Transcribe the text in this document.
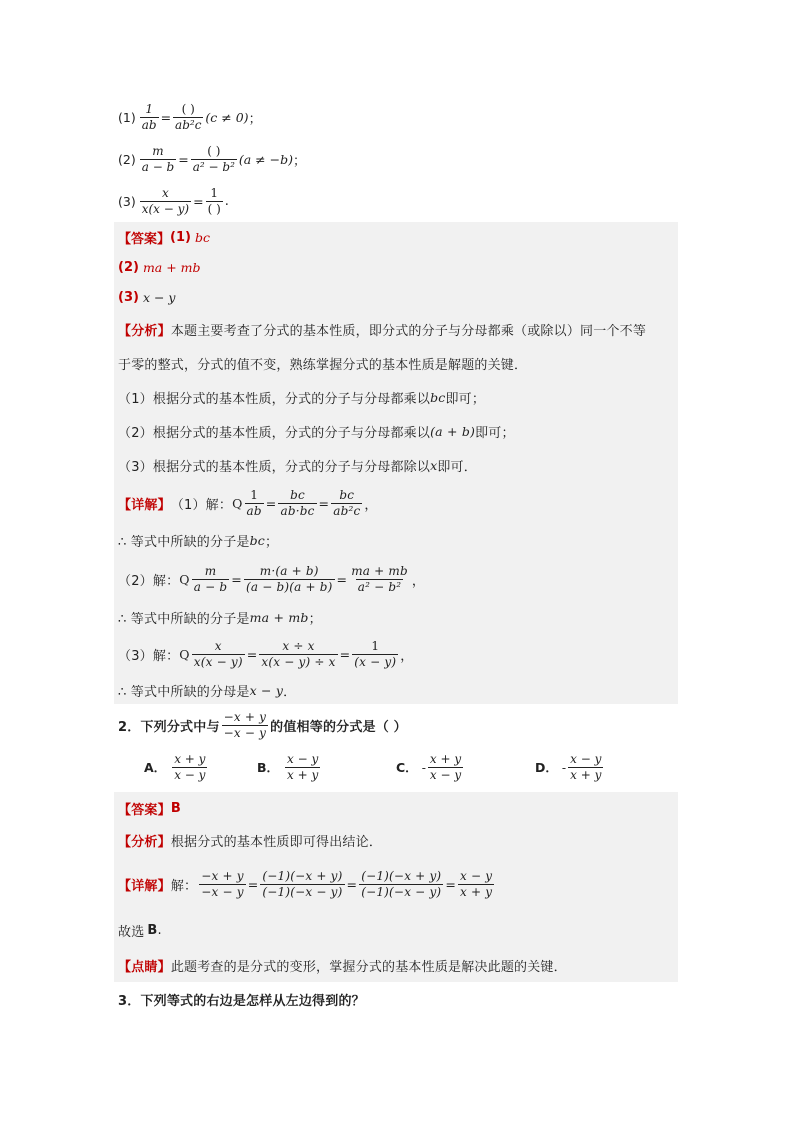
$(1) \frac{1}{ab} = \frac{( )}{\text{ab²c}} (c \ne 0)$ ；
$(2) \frac{m}{a - b} = \frac{( )}{\text{a² − b²}} (a \ne -b)$ ；
$(3) \frac{x}{x(x - y)} = \frac{1}{( )}$ .
【答案】 (1) bc
(2) ma + mb
(3) x − y
【分析】 本题主要考查了分式的基本性质，即分式的分子与分母都乘（或除以）同一个不等
于零的整式，分式的值不变，熟练掌握分式的基本性质是解题的关键．
（1）根据分式的基本性质，分式的分子与分母都乘以 bc 即可；
（2）根据分式的基本性质，分式的分子与分母都乘以 (a + b) 即可；
（3）根据分式的基本性质，分式的分子与分母都除以 x 即可．
【详解】 （1）解： Q $\frac{1}{ab} = \frac{bc}{ab\cdot bc} = \frac{bc}{\text{ab²c}}$ ，
∴ 等式中所缺的分子是 bc ；
（2）解： Q $\frac{m}{a - b} = \frac{m\cdot(a + b)}{(a - b)(a + b)} = \frac{ma + mb}{\text{a² − b²}}$ ，
∴ 等式中所缺的分子是 ma + mb ；
（3）解： Q $\frac{x}{x(x - y)} = \frac{x \div x}{x(x - y) \div x} = \frac{1}{(x - y)}$ ，
∴ 等式中所缺的分母是 x − y ．
2．下列分式中与 $\frac{-x + y}{-x - y}$ 的值相等的分式是（ ）
A． $\frac{x + y}{x - y}$	B． $\frac{x - y}{x + y}$	C． - $\frac{x + y}{x - y}$	D． - $\frac{x - y}{x + y}$
【答案】 B
【分析】 根据分式的基本性质即可得出结论．
【详解】 解： $\frac{-x + y}{-x - y} = \frac{(-1)(-x + y)}{(-1)(-x - y)} = \frac{(-1)(-x + y)}{(-1)(-x - y)} = \frac{x - y}{x + y}$
故选 B .
【点睛】 此题考查的是分式的变形，掌握分式的基本性质是解决此题的关键．
3．下列等式的右边是怎样从左边得到的？
